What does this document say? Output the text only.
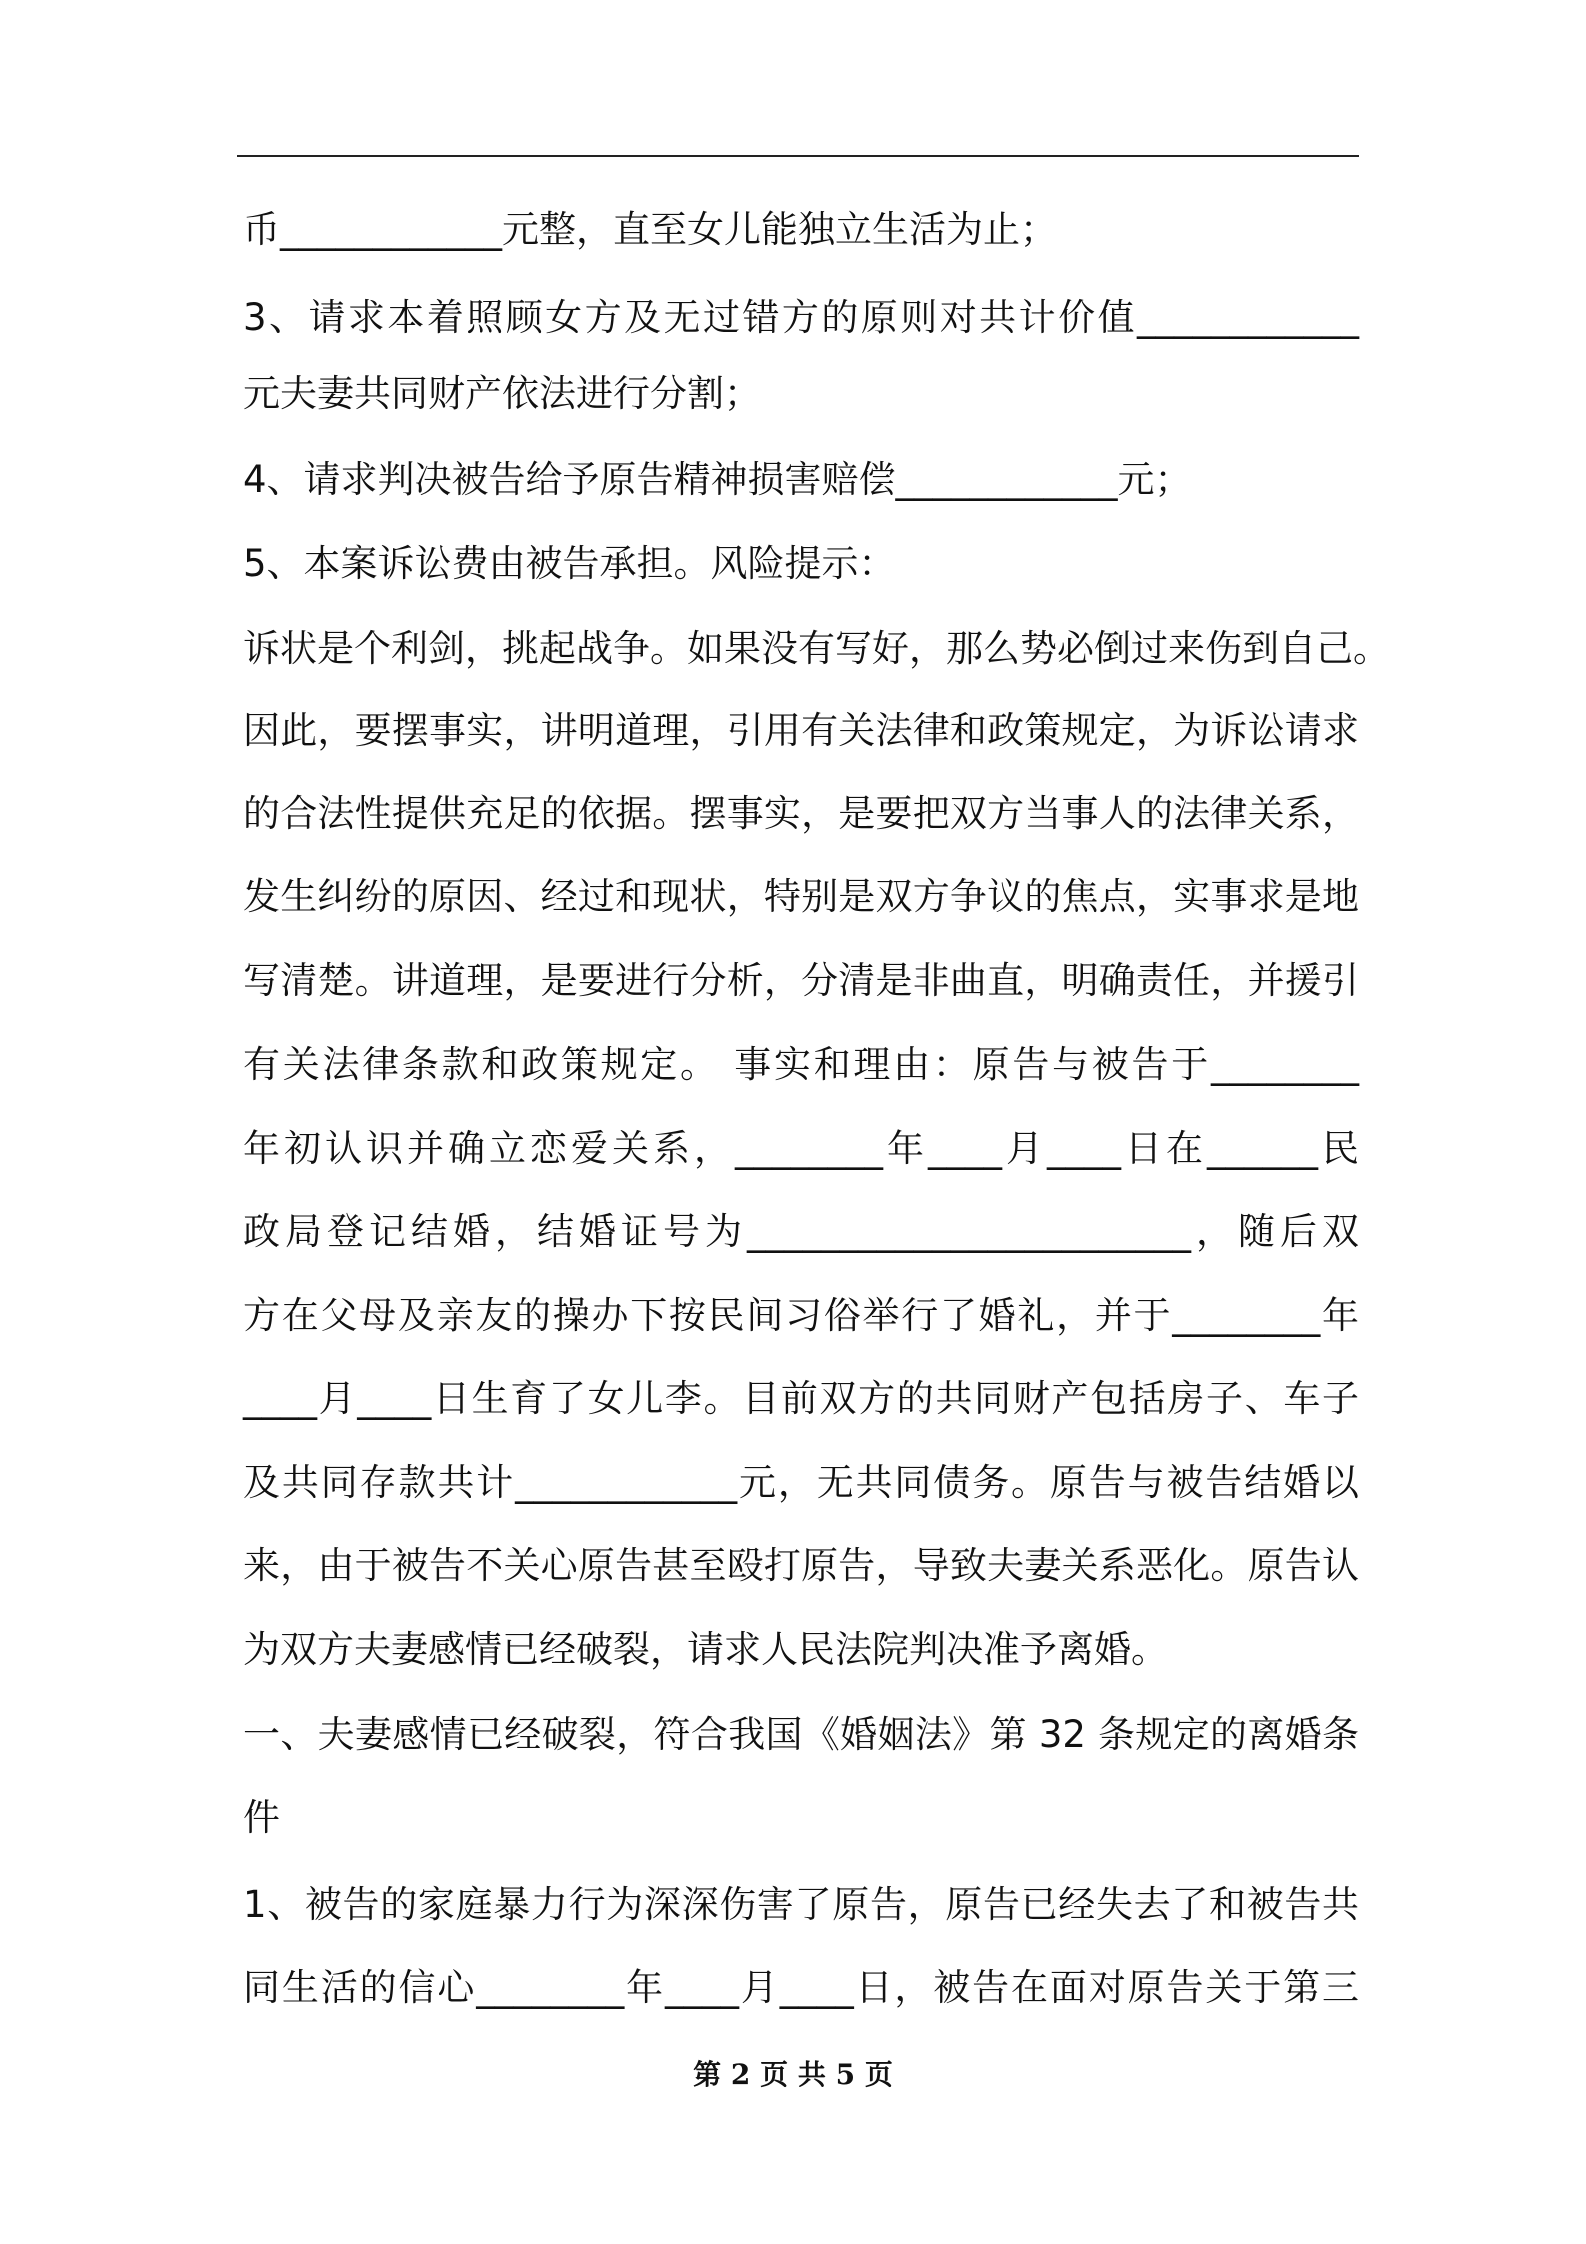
币____________元整，直至女儿能独立生活为止；
3、请求本着照顾女方及无过错方的原则对共计价值____________
元夫妻共同财产依法进行分割；
4、请求判决被告给予原告精神损害赔偿____________元；
5、本案诉讼费由被告承担。风险提示：
诉状是个利剑，挑起战争。如果没有写好，那么势必倒过来伤到自己。
因此，要摆事实，讲明道理，引用有关法律和政策规定，为诉讼请求
的合法性提供充足的依据。摆事实，是要把双方当事人的法律关系，
发生纠纷的原因、经过和现状，特别是双方争议的焦点，实事求是地
写清楚。讲道理，是要进行分析，分清是非曲直，明确责任，并援引
有关法律条款和政策规定。 事实和理由：原告与被告于________
年初认识并确立恋爱关系，________年____月____日在______民
政局登记结婚，结婚证号为________________________，随后双
方在父母及亲友的操办下按民间习俗举行了婚礼，并于________年
____月____日生育了女儿李。目前双方的共同财产包括房子、车子
及共同存款共计____________元，无共同债务。原告与被告结婚以
来，由于被告不关心原告甚至殴打原告，导致夫妻关系恶化。原告认
为双方夫妻感情已经破裂，请求人民法院判决准予离婚。
一、夫妻感情已经破裂，符合我国《婚姻法》第 32 条规定的离婚条
件
1、被告的家庭暴力行为深深伤害了原告，原告已经失去了和被告共
同生活的信心________年____月____日，被告在面对原告关于第三
第 2 页 共 5 页
